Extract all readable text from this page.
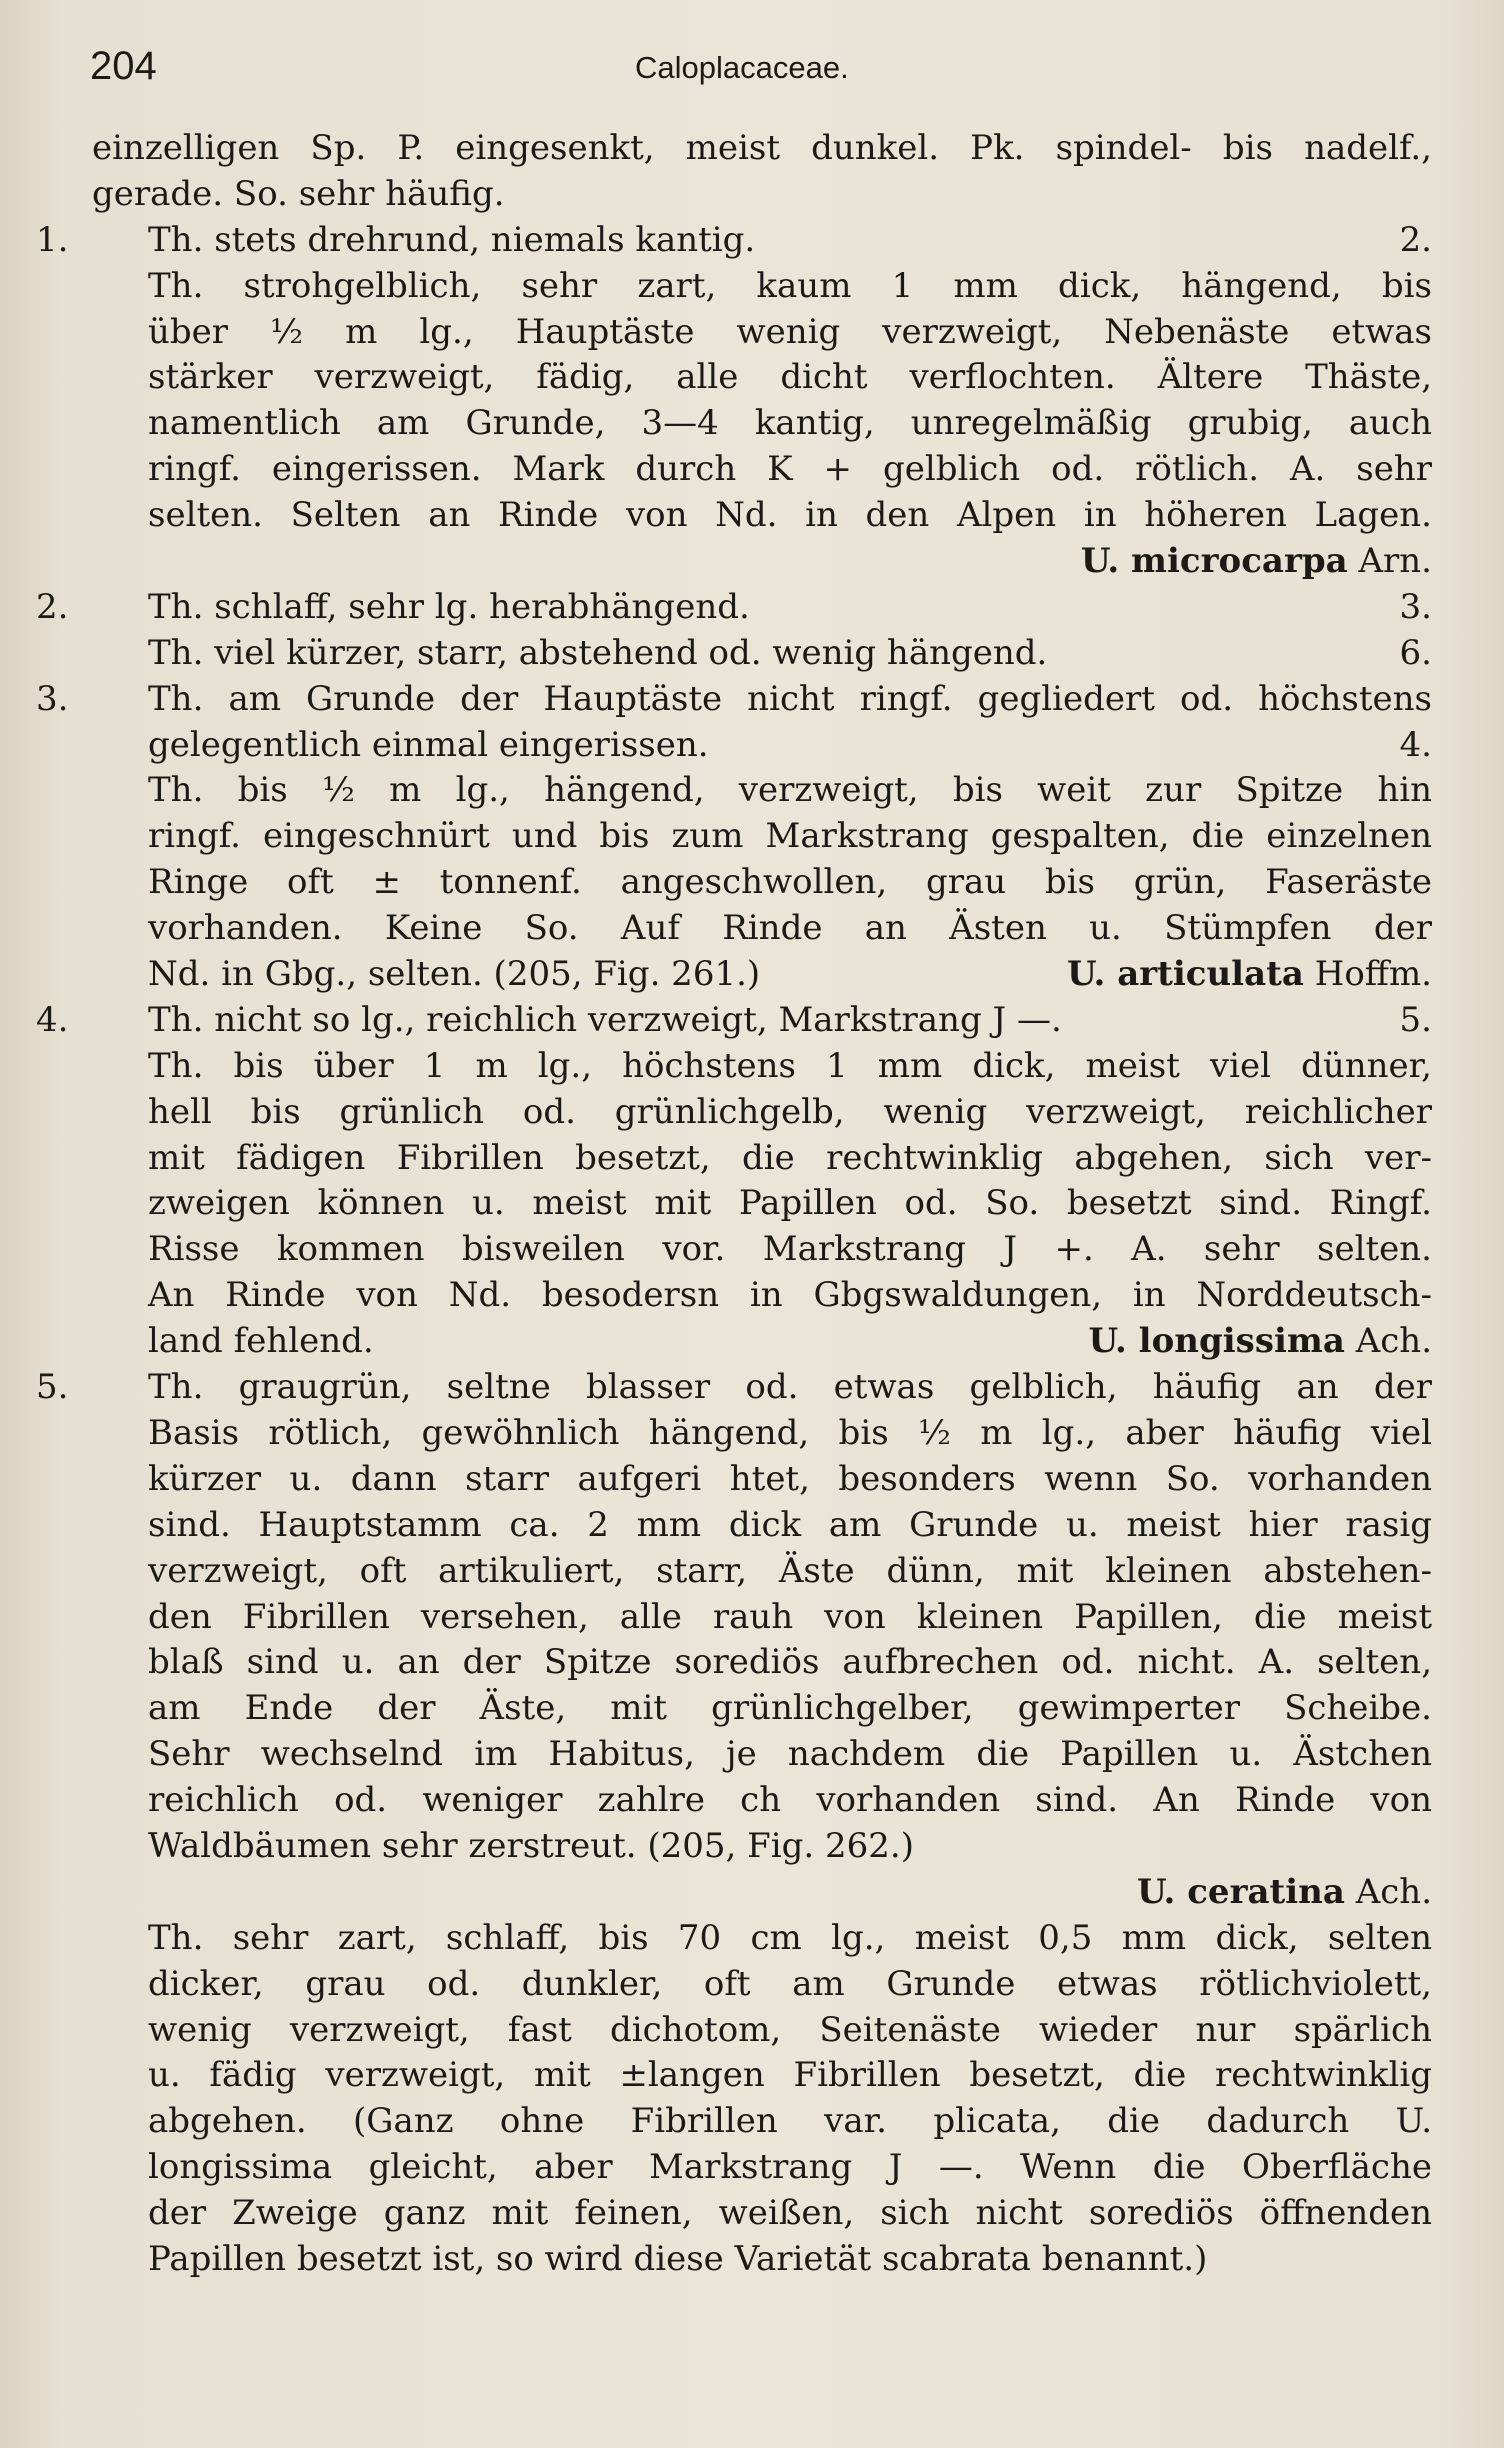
204	Caloplacaceae.
einzelligen Sp. P. eingesenkt, meist dunkel. Pk. spindel- bis nadelf.,
gerade. So. sehr häufig.
1. Th. stets drehrund, niemals kantig.	2.
Th. strohgelblich, sehr zart, kaum 1 mm dick, hängend, bis
über ½ m lg., Hauptäste wenig verzweigt, Nebenäste etwas
stärker verzweigt, fädig, alle dicht verflochten. Ältere Thäste,
namentlich am Grunde, 3—4 kantig, unregelmäßig grubig, auch
ringf. eingerissen. Mark durch K + gelblich od. rötlich. A. sehr
selten. Selten an Rinde von Nd. in den Alpen in höheren Lagen.
U. microcarpa Arn.
2. Th. schlaff, sehr lg. herabhängend.	3.
Th. viel kürzer, starr, abstehend od. wenig hängend.	6.
3. Th. am Grunde der Hauptäste nicht ringf. gegliedert od. höchstens
gelegentlich einmal eingerissen.	4.
Th. bis ½ m lg., hängend, verzweigt, bis weit zur Spitze hin
ringf. eingeschnürt und bis zum Markstrang gespalten, die einzelnen
Ringe oft ± tonnenf. angeschwollen, grau bis grün, Faseräste
vorhanden. Keine So. Auf Rinde an Ästen u. Stümpfen der
Nd. in Gbg., selten. (205, Fig. 261.)	U. articulata Hoffm.
4. Th. nicht so lg., reichlich verzweigt, Markstrang J —.	5.
Th. bis über 1 m lg., höchstens 1 mm dick, meist viel dünner,
hell bis grünlich od. grünlichgelb, wenig verzweigt, reichlicher
mit fädigen Fibrillen besetzt, die rechtwinklig abgehen, sich ver-
zweigen können u. meist mit Papillen od. So. besetzt sind. Ringf.
Risse kommen bisweilen vor. Markstrang J +. A. sehr selten.
An Rinde von Nd. besodersn in Gbgswaldungen, in Norddeutsch-
land fehlend.	U. longissima Ach.
5. Th. graugrün, seltne blasser od. etwas gelblich, häufig an der
Basis rötlich, gewöhnlich hängend, bis ½ m lg., aber häufig viel
kürzer u. dann starr aufgeri htet, besonders wenn So. vorhanden
sind. Hauptstamm ca. 2 mm dick am Grunde u. meist hier rasig
verzweigt, oft artikuliert, starr, Äste dünn, mit kleinen abstehen-
den Fibrillen versehen, alle rauh von kleinen Papillen, die meist
blaß sind u. an der Spitze sorediös aufbrechen od. nicht. A. selten,
am Ende der Äste, mit grünlichgelber, gewimperter Scheibe.
Sehr wechselnd im Habitus, je nachdem die Papillen u. Ästchen
reichlich od. weniger zahlre ch vorhanden sind. An Rinde von
Waldbäumen sehr zerstreut. (205, Fig. 262.)
U. ceratina Ach.
Th. sehr zart, schlaff, bis 70 cm lg., meist 0,5 mm dick, selten
dicker, grau od. dunkler, oft am Grunde etwas rötlichviolett,
wenig verzweigt, fast dichotom, Seitenäste wieder nur spärlich
u. fädig verzweigt, mit ±langen Fibrillen besetzt, die rechtwinklig
abgehen. (Ganz ohne Fibrillen var. plicata, die dadurch U.
longissima gleicht, aber Markstrang J —. Wenn die Oberfläche
der Zweige ganz mit feinen, weißen, sich nicht sorediös öffnenden
Papillen besetzt ist, so wird diese Varietät scabrata benannt.)
